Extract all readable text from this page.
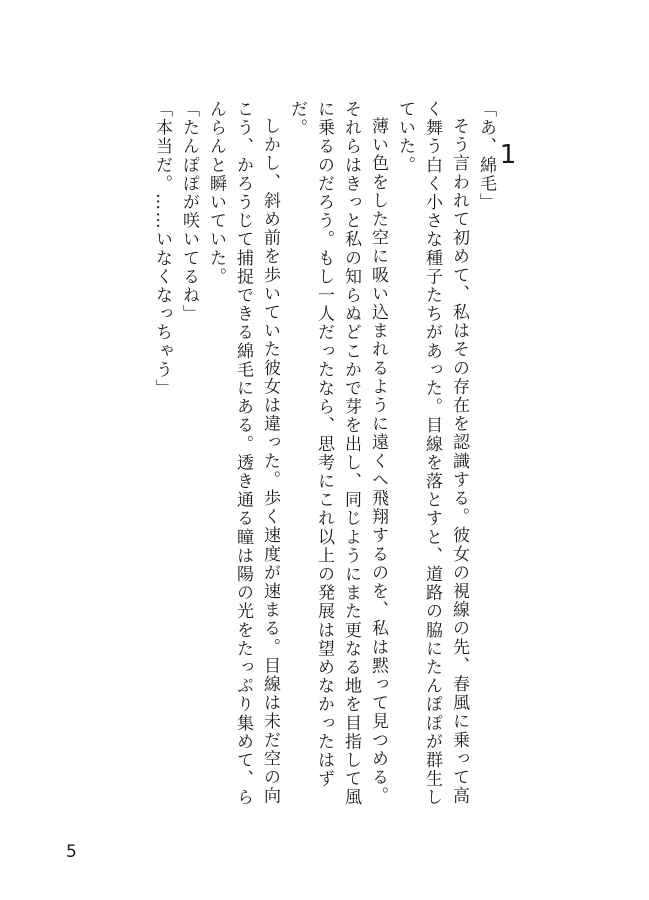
1

「あ、綿毛」

そう言われて初めて、私はその存在を認識する。彼女の視線の先、春風に乗って高く舞う白く小さな種子たちがあった。目線を落とすと、道路の脇にたんぽぽが群生していた。

薄い色をした空に吸い込まれるように遠くへ飛翔するのを、私は黙って見つめる。それらはきっと私の知らぬどこかで芽を出し、同じようにまた更なる地を目指して風に乗るのだろう。もし一人だったなら、思考にこれ以上の発展は望めなかったはずだ。

しかし、斜め前を歩いていた彼女は違った。歩く速度が速まる。目線は未だ空の向こう、かろうじて捕捉できる綿毛にある。透き通る瞳は陽の光をたっぷり集めて、らんらんと瞬いていた。

「たんぽぽが咲いてるね」

「本当だ。……いなくなっちゃう」

5
